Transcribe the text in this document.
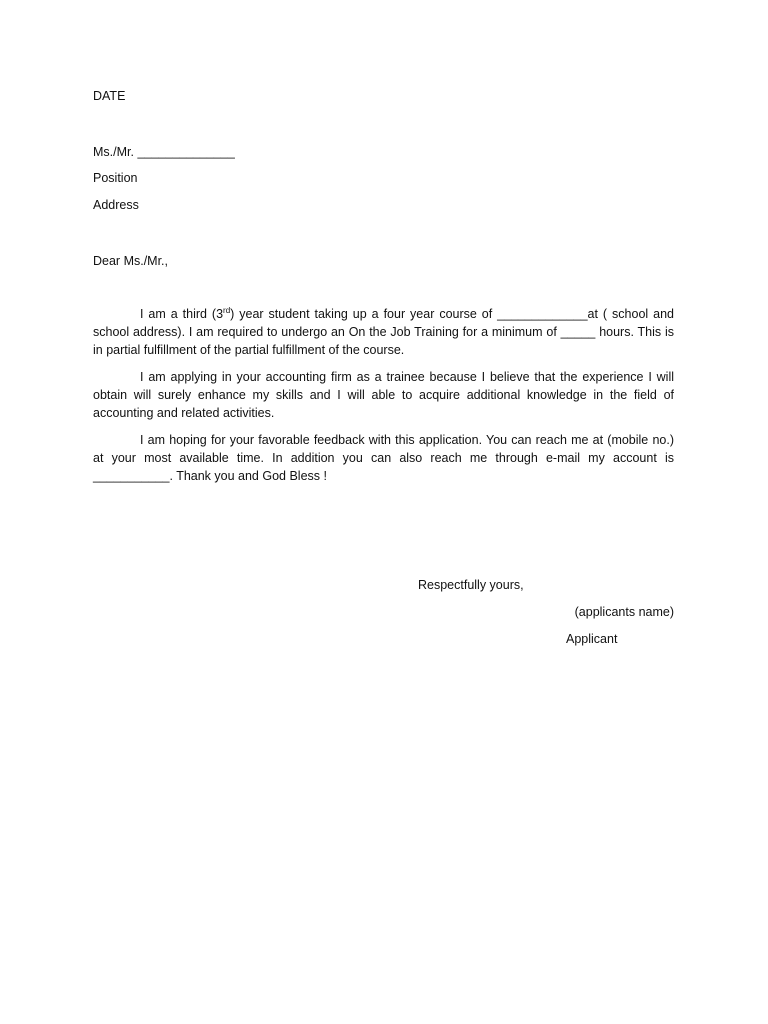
DATE
Ms./Mr. ______________
Position
Address
Dear Ms./Mr.,

I am a third (3rd) year student taking up a four year course of _____________at ( school and school address). I am required to undergo an On the Job Training for a minimum of _____ hours. This is in partial fulfillment of the partial fulfillment of the course.

I am applying in your accounting firm as a trainee because I believe that the experience I will obtain will surely enhance my skills and I will able to acquire additional knowledge in the field of accounting and related activities.

I am hoping for your favorable feedback with this application. You can reach me at (mobile no.) at your most available time. In addition you can also reach me through e-mail my account is ___________. Thank you and God Bless !

Respectfully yours,
(applicants name)
Applicant
